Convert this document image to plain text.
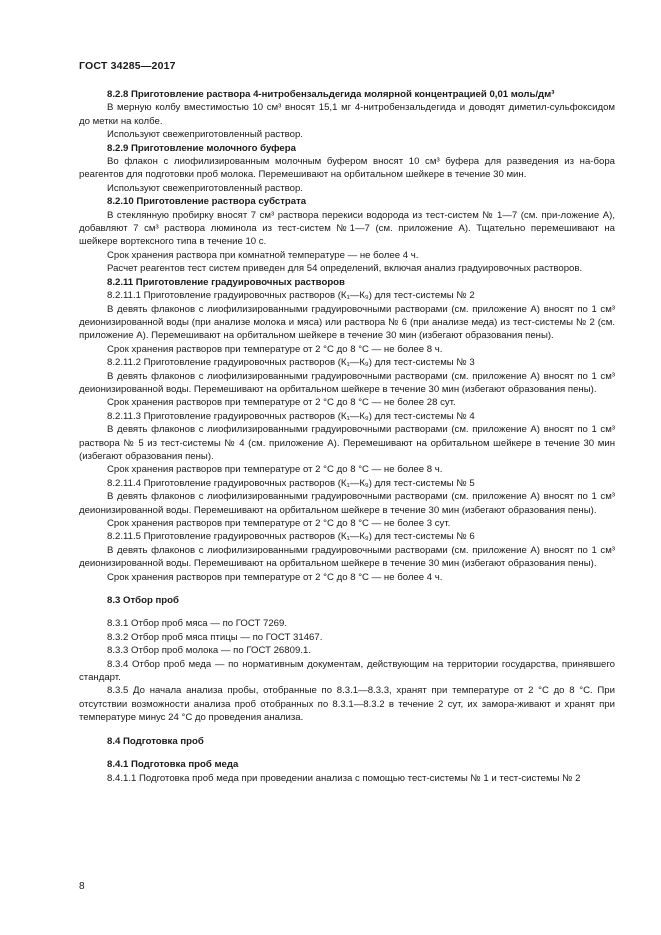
ГОСТ 34285—2017

8.2.8 Приготовление раствора 4-нитробензальдегида молярной концентрацией 0,01 моль/дм³

В мерную колбу вместимостью 10 см³ вносят 15,1 мг 4-нитробензальдегида и доводят диметил-сульфоксидом до метки на колбе.

Используют свежеприготовленный раствор.

8.2.9 Приготовление молочного буфера

Во флакон с лиофилизированным молочным буфером вносят 10 см³ буфера для разведения из на-бора реагентов для подготовки проб молока. Перемешивают на орбитальном шейкере в течение 30 мин.

Используют свежеприготовленный раствор.

8.2.10 Приготовление раствора субстрата

В стеклянную пробирку вносят 7 см³ раствора перекиси водорода из тест-систем № 1—7 (см. при-ложение А), добавляют 7 см³ раствора люминола из тест-систем №1—7 (см. приложение А). Тщательно перемешивают на шейкере вортексного типа в течение 10 с.

Срок хранения раствора при комнатной температуре — не более 4 ч.

Расчет реагентов тест систем приведен для 54 определений, включая анализ градуировочных растворов.

8.2.11 Приготовление градуировочных растворов

8.2.11.1 Приготовление градуировочных растворов (К₁—К₉) для тест-системы № 2

В девять флаконов с лиофилизированными градуировочными растворами (см. приложение А) вносят по 1 см³ деионизированной воды (при анализе молока и мяса) или раствора № 6 (при анализе меда) из тест-системы № 2 (см. приложение А). Перемешивают на орбитальном шейкере в течение 30 мин (избегают образования пены).

Срок хранения растворов при температуре от 2 °С до 8 °С — не более 8 ч.

8.2.11.2 Приготовление градуировочных растворов (К₁—К₉) для тест-системы № 3

В девять флаконов с лиофилизированными градуировочными растворами (см. приложение А) вносят по 1 см³ деионизированной воды. Перемешивают на орбитальном шейкере в течение 30 мин (избегают образования пены).

Срок хранения растворов при температуре от 2 °С до 8 °С — не более 28 сут.

8.2.11.3 Приготовление градуировочных растворов (К₁—К₉) для тест-системы № 4

В девять флаконов с лиофилизированными градуировочными растворами (см. приложение А) вносят по 1 см³ раствора № 5 из тест-системы № 4 (см. приложение А). Перемешивают на орбитальном шейкере в течение 30 мин (избегают образования пены).

Срок хранения растворов при температуре от 2 °С до 8 °С — не более 8 ч.

8.2.11.4 Приготовление градуировочных растворов (К₁—К₉) для тест-системы № 5

В девять флаконов с лиофилизированными градуировочными растворами (см. приложение А) вносят по 1 см³ деионизированной воды. Перемешивают на орбитальном шейкере в течение 30 мин (избегают образования пены).

Срок хранения растворов при температуре от 2 °С до 8 °С — не более 3 сут.

8.2.11.5 Приготовление градуировочных растворов (К₁—К₉) для тест-системы № 6

В девять флаконов с лиофилизированными градуировочными растворами (см. приложение А) вносят по 1 см³ деионизированной воды. Перемешивают на орбитальном шейкере в течение 30 мин (избегают образования пены).

Срок хранения растворов при температуре от 2 °С до 8 °С — не более 4 ч.

8.3 Отбор проб

8.3.1 Отбор проб мяса — по ГОСТ 7269.

8.3.2 Отбор проб мяса птицы — по ГОСТ 31467.

8.3.3 Отбор проб молока — по ГОСТ 26809.1.

8.3.4 Отбор проб меда — по нормативным документам, действующим на территории государства, принявшего стандарт.

8.3.5 До начала анализа пробы, отобранные по 8.3.1—8.3.3, хранят при температуре от 2 °С до 8 °С. При отсутствии возможности анализа проб отобранных по 8.3.1—8.3.2 в течение 2 сут, их замора-живают и хранят при температуре минус 24 °С до проведения анализа.

8.4 Подготовка проб

8.4.1 Подготовка проб меда

8.4.1.1 Подготовка проб меда при проведении анализа с помощью тест-системы № 1 и тест-системы № 2

8
